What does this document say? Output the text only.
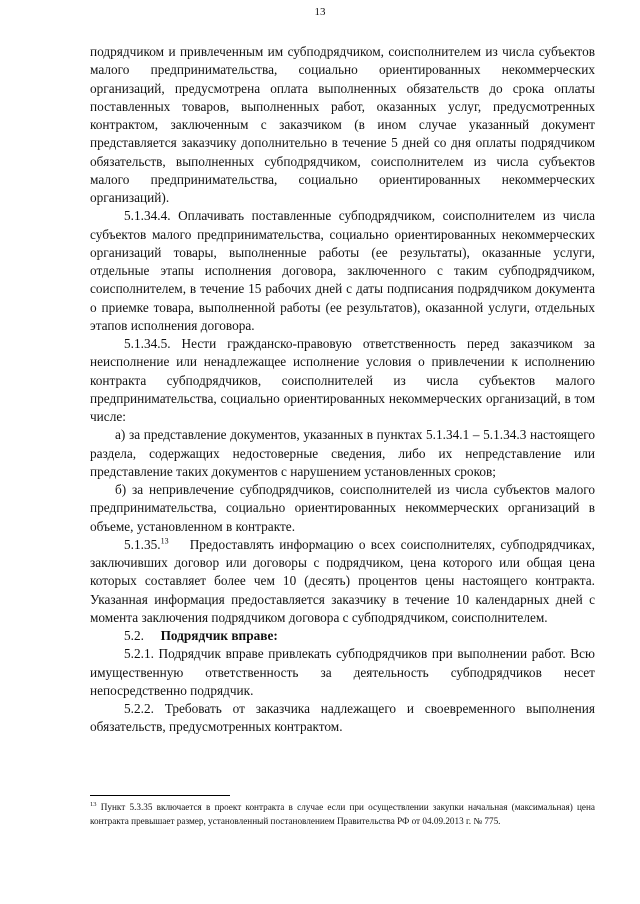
13

подрядчиком и привлеченным им субподрядчиком, соисполнителем из числа субъектов малого предпринимательства, социально ориентированных некоммерческих организаций, предусмотрена оплата выполненных обязательств до срока оплаты поставленных товаров, выполненных работ, оказанных услуг, предусмотренных контрактом, заключенным с заказчиком (в ином случае указанный документ представляется заказчику дополнительно в течение 5 дней со дня оплаты подрядчиком обязательств, выполненных субподрядчиком, соисполнителем из числа субъектов малого предпринимательства, социально ориентированных некоммерческих организаций).

5.1.34.4. Оплачивать поставленные субподрядчиком, соисполнителем из числа субъектов малого предпринимательства, социально ориентированных некоммерческих организаций товары, выполненные работы (ее результаты), оказанные услуги, отдельные этапы исполнения договора, заключенного с таким субподрядчиком, соисполнителем, в течение 15 рабочих дней с даты подписания подрядчиком документа о приемке товара, выполненной работы (ее результатов), оказанной услуги, отдельных этапов исполнения договора.

5.1.34.5. Нести гражданско-правовую ответственность перед заказчиком за неисполнение или ненадлежащее исполнение условия о привлечении к исполнению контракта субподрядчиков, соисполнителей из числа субъектов малого предпринимательства, социально ориентированных некоммерческих организаций, в том числе:

а) за представление документов, указанных в пунктах 5.1.34.1 – 5.1.34.3 настоящего раздела, содержащих недостоверные сведения, либо их непредставление или представление таких документов с нарушением установленных сроков;

б) за непривлечение субподрядчиков, соисполнителей из числа субъектов малого предпринимательства, социально ориентированных некоммерческих организаций в объеме, установленном в контракте.

5.1.35.13 Предоставлять информацию о всех соисполнителях, субподрядчиках, заключивших договор или договоры с подрядчиком, цена которого или общая цена которых составляет более чем 10 (десять) процентов цены настоящего контракта. Указанная информация предоставляется заказчику в течение 10 календарных дней с момента заключения подрядчиком договора с субподрядчиком, соисполнителем.

5.2. Подрядчик вправе:

5.2.1. Подрядчик вправе привлекать субподрядчиков при выполнении работ. Всю имущественную ответственность за деятельность субподрядчиков несет непосредственно подрядчик.

5.2.2. Требовать от заказчика надлежащего и своевременного выполнения обязательств, предусмотренных контрактом.

$^{13}$ Пункт 5.3.35 включается в проект контракта в случае если при осуществлении закупки начальная (максимальная) цена контракта превышает размер, установленный постановлением Правительства РФ от 04.09.2013 г. № 775.
